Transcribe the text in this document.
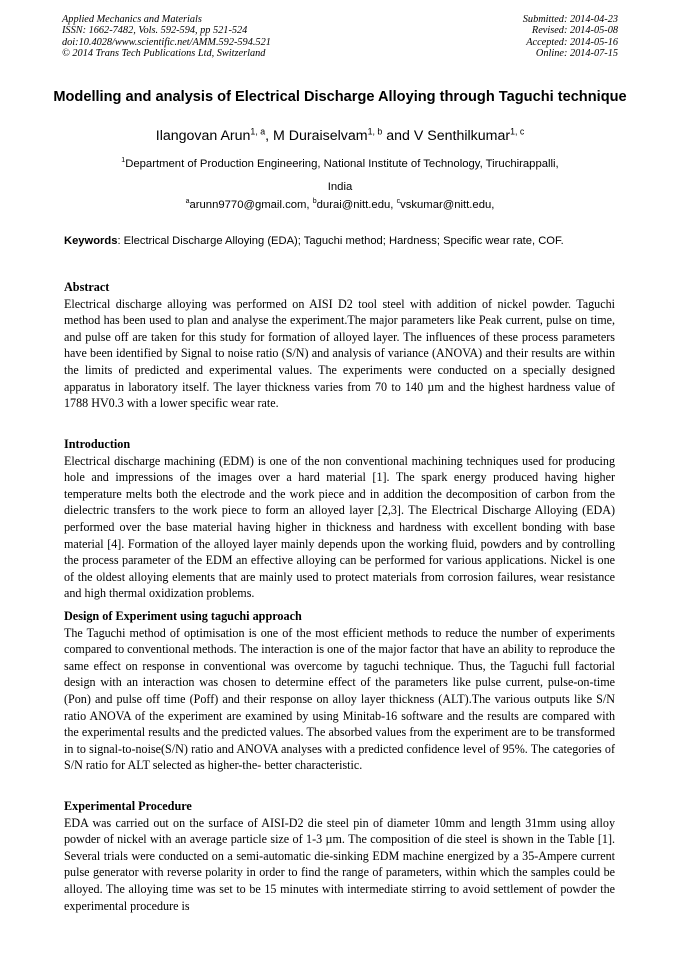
Applied Mechanics and Materials
ISSN: 1662-7482, Vols. 592-594, pp 521-524
doi:10.4028/www.scientific.net/AMM.592-594.521
© 2014 Trans Tech Publications Ltd, Switzerland
Submitted: 2014-04-23
Revised: 2014-05-08
Accepted: 2014-05-16
Online: 2014-07-15
Modelling and analysis of Electrical Discharge Alloying through Taguchi technique
Ilangovan Arun$^{1, a}$, M Duraiselvam$^{1, b}$ and V Senthilkumar$^{1, c}$
$^1$Department of Production Engineering, National Institute of Technology, Tiruchirappalli,
India
$^a$arunn9770@gmail.com, $^b$durai@nitt.edu, $^c$vskumar@nitt.edu,
Keywords: Electrical Discharge Alloying (EDA); Taguchi method; Hardness; Specific wear rate, COF.
Abstract

Electrical discharge alloying was performed on AISI D2 tool steel with addition of nickel powder. Taguchi method has been used to plan and analyse the experiment.The major parameters like Peak current, pulse on time, and pulse off are taken for this study for formation of alloyed layer. The influences of these process parameters have been identified by Signal to noise ratio (S/N) and analysis of variance (ANOVA) and their results are within the limits of predicted and experimental values. The experiments were conducted on a specially designed apparatus in laboratory itself. The layer thickness varies from 70 to 140 µm and the highest hardness value of 1788 HV0.3 with a lower specific wear rate.

Introduction

Electrical discharge machining (EDM) is one of the non conventional machining techniques used for producing hole and impressions of the images over a hard material [1]. The spark energy produced having higher temperature melts both the electrode and the work piece and in addition the decomposition of carbon from the dielectric transfers to the work piece to form an alloyed layer [2,3]. The Electrical Discharge Alloying (EDA) performed over the base material having higher in thickness and hardness with excellent bonding with base material [4]. Formation of the alloyed layer mainly depends upon the working fluid, powders and by controlling the process parameter of the EDM an effective alloying can be performed for various applications. Nickel is one of the oldest alloying elements that are mainly used to protect materials from corrosion failures, wear resistance and high thermal oxidization problems.

Design of Experiment using taguchi approach

The Taguchi method of optimisation is one of the most efficient methods to reduce the number of experiments compared to conventional methods. The interaction is one of the major factor that have an ability to reproduce the same effect on response in conventional was overcome by taguchi technique. Thus, the Taguchi full factorial design with an interaction was chosen to determine effect of the parameters like pulse current, pulse-on-time (Pon) and pulse off time (Poff) and their response on alloy layer thickness (ALT).The various outputs like S/N ratio ANOVA of the experiment are examined by using Minitab-16 software and the results are compared with the experimental results and the predicted values. The absorbed values from the experiment are to be transformed in to signal-to-noise(S/N) ratio and ANOVA analyses with a predicted confidence level of 95%. The categories of S/N ratio for ALT selected as higher-the- better characteristic.

Experimental Procedure

EDA was carried out on the surface of AISI-D2 die steel pin of diameter 10mm and length 31mm using alloy powder of nickel with an average particle size of 1-3 µm. The composition of die steel is shown in the Table [1]. Several trials were conducted on a semi-automatic die-sinking EDM machine energized by a 35-Ampere current pulse generator with reverse polarity in order to find the range of parameters, within which the samples could be alloyed. The alloying time was set to be 15 minutes with intermediate stirring to avoid settlement of powder the experimental procedure is
